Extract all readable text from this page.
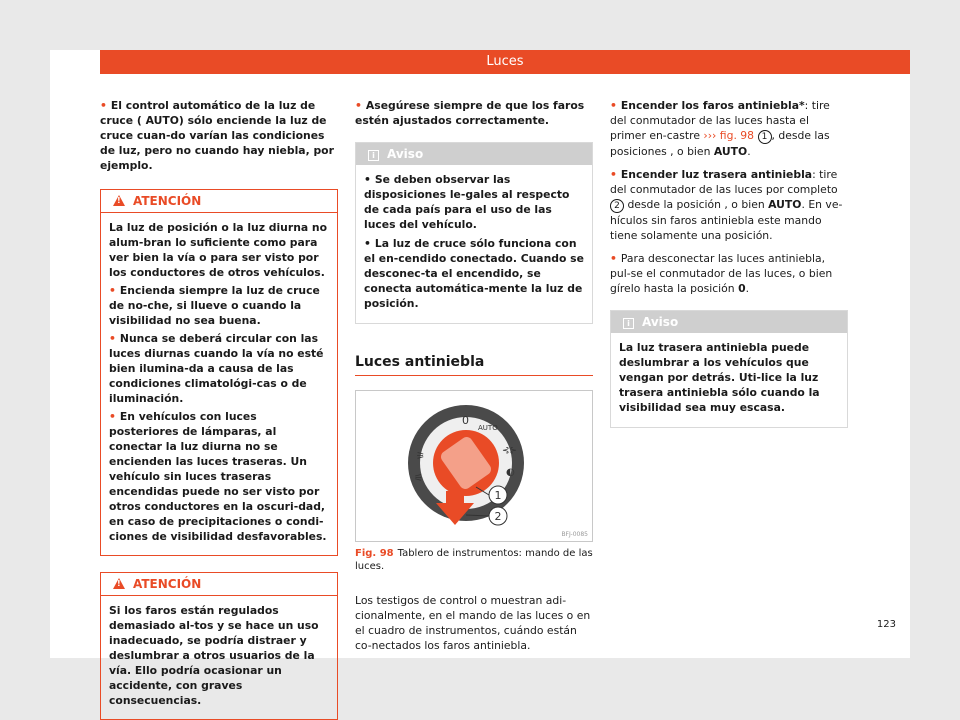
Luces

• El control automático de la luz de cruce ( AUTO) sólo enciende la luz de cruce cuan-do varían las condiciones de luz, pero no cuando hay niebla, por ejemplo.

!ATENCIÓN

La luz de posición o la luz diurna no alum-bran lo suficiente como para ver bien la vía o para ser visto por los conductores de otros vehículos.

• Encienda siempre la luz de cruce de no-che, si llueve o cuando la visibilidad no sea buena.

• Nunca se deberá circular con las luces diurnas cuando la vía no esté bien ilumina-da a causa de las condiciones climatológi-cas o de iluminación.

• En vehículos con luces posteriores de lámparas, al conectar la luz diurna no se encienden las luces traseras. Un vehículo sin luces traseras encendidas puede no ser visto por otros conductores en la oscuri-dad, en caso de precipitaciones o condi-ciones de visibilidad desfavorables.

!ATENCIÓN

Si los faros están regulados demasiado al-tos y se hace un uso inadecuado, se podría distraer y deslumbrar a otros usuarios de la vía. Ello podría ocasionar un accidente, con graves consecuencias.

• Asegúrese siempre de que los faros estén ajustados correctamente.

i Aviso

• Se deben observar las disposiciones le-gales al respecto de cada país para el uso de las luces del vehículo.

• La luz de cruce sólo funciona con el en-cendido conectado. Cuando se desconec-ta el encendido, se conecta automática-mente la luz de posición.

Luces antiniebla
0
AUTO
⚞
⚟
⊰⊱
◐
1
2
BFJ-0085
Fig. 98 Tablero de instrumentos: mando de las luces.
Los testigos de control o muestran adi-cionalmente, en el mando de las luces o en el cuadro de instrumentos, cuándo están co-nectados los faros antiniebla.

• Encender los faros antiniebla*: tire del conmutador de las luces hasta el primer en-castre ››› fig. 98 1 , desde las posiciones , o bien AUTO.

• Encender luz trasera antiniebla: tire del conmutador de las luces por completo 2 desde la posición , o bien AUTO. En ve-hículos sin faros antiniebla este mando tiene solamente una posición.

• Para desconectar las luces antiniebla, pul-se el conmutador de las luces, o bien gírelo hasta la posición 0.

i Aviso

La luz trasera antiniebla puede deslumbrar a los vehículos que vengan por detrás. Uti-lice la luz trasera antiniebla sólo cuando la visibilidad sea muy escasa.

123
